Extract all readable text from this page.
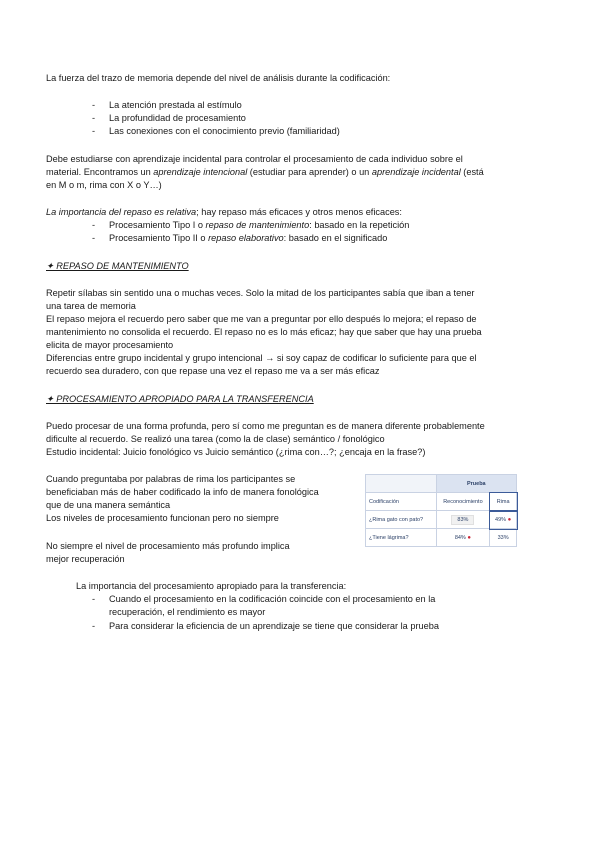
La fuerza del trazo de memoria depende del nivel de análisis durante la codificación:
- La atención prestada al estímulo
- La profundidad de procesamiento
- Las conexiones con el conocimiento previo (familiaridad)
Debe estudiarse con aprendizaje incidental para controlar el procesamiento de cada individuo sobre el
material. Encontramos un aprendizaje intencional (estudiar para aprender) o un aprendizaje incidental (está
en M o m, rima con X o Y…)
La importancia del repaso es relativa; hay repaso más eficaces y otros menos eficaces:
- Procesamiento Tipo I o repaso de mantenimiento: basado en la repetición
- Procesamiento Tipo II o repaso elaborativo: basado en el significado
✦ REPASO DE MANTENIMIENTO
Repetir sílabas sin sentido una o muchas veces. Solo la mitad de los participantes sabía que iban a tener
una tarea de memoria
El repaso mejora el recuerdo pero saber que me van a preguntar por ello después lo mejora; el repaso de
mantenimiento no consolida el recuerdo. El repaso no es lo más eficaz; hay que saber que hay una prueba
elicita de mayor procesamiento
Diferencias entre grupo incidental y grupo intencional → si soy capaz de codificar lo suficiente para que el
recuerdo sea duradero, con que repase una vez el repaso me va a ser más eficaz
✦ PROCESAMIENTO APROPIADO PARA LA TRANSFERENCIA
Puedo procesar de una forma profunda, pero sí como me preguntan es de manera diferente probablemente
dificulte al recuerdo. Se realizó una tarea (como la de clase) semántico / fonológico
Estudio incidental: Juicio fonológico vs Juicio semántico (¿rima con…?; ¿encaja en la frase?)
Cuando preguntaba por palabras de rima los participantes se
beneficiaban más de haber codificado la info de manera fonológica
que de una manera semántica
Los niveles de procesamiento funcionan pero no siempre
No siempre el nivel de procesamiento más profundo implica
mejor recuperación
	Prueba	
Codificación	Reconocimiento	Rima
¿Rima gato con pato?	83%	49% ●
¿Tiene lágrima?	84% ●	33%
La importancia del procesamiento apropiado para la transferencia:
- Cuando el procesamiento en la codificación coincide con el procesamiento en la
recuperación, el rendimiento es mayor
- Para considerar la eficiencia de un aprendizaje se tiene que considerar la prueba
